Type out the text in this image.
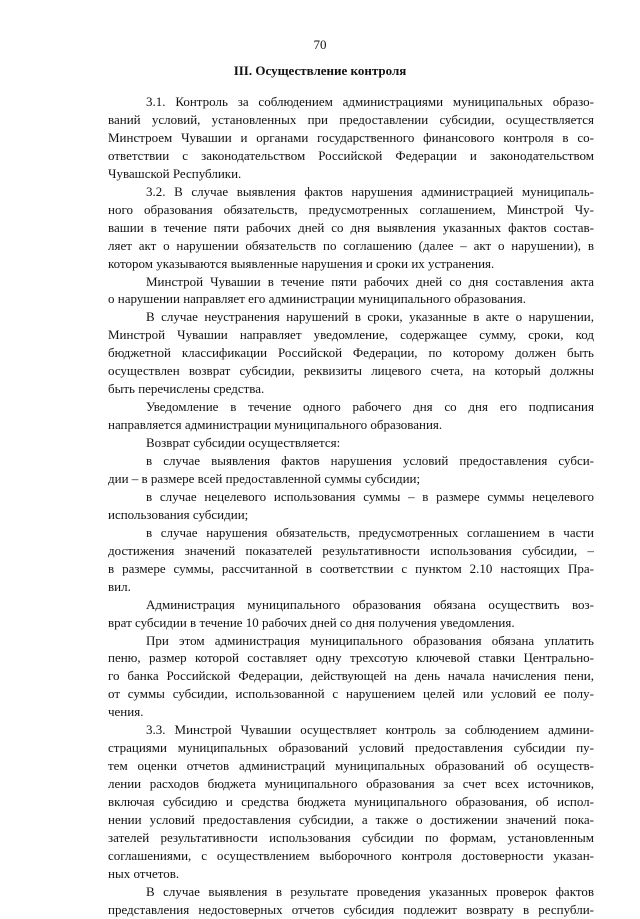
70
III. Осуществление контроля
3.1. Контроль за соблюдением администрациями муниципальных образо-
ваний условий, установленных при предоставлении субсидии, осуществляется
Минстроем Чувашии и органами государственного финансового контроля в со-
ответствии с законодательством Российской Федерации и законодательством
Чувашской Республики.
3.2. В случае выявления фактов нарушения администрацией муниципаль-
ного образования обязательств, предусмотренных соглашением, Минстрой Чу-
вашии в течение пяти рабочих дней со дня выявления указанных фактов состав-
ляет акт о нарушении обязательств по соглашению (далее – акт о нарушении), в
котором указываются выявленные нарушения и сроки их устранения.
Минстрой Чувашии в течение пяти рабочих дней со дня составления акта
о нарушении направляет его администрации муниципального образования.
В случае неустранения нарушений в сроки, указанные в акте о нарушении,
Минстрой Чувашии направляет уведомление, содержащее сумму, сроки, код
бюджетной классификации Российской Федерации, по которому должен быть
осуществлен возврат субсидии, реквизиты лицевого счета, на который должны
быть перечислены средства.
Уведомление в течение одного рабочего дня со дня его подписания
направляется администрации муниципального образования.
Возврат субсидии осуществляется:
в случае выявления фактов нарушения условий предоставления субси-
дии – в размере всей предоставленной суммы субсидии;
в случае нецелевого использования суммы – в размере суммы нецелевого
использования субсидии;
в случае нарушения обязательств, предусмотренных соглашением в части
достижения значений показателей результативности использования субсидии, –
в размере суммы, рассчитанной в соответствии с пунктом 2.10 настоящих Пра-
вил.
Администрация муниципального образования обязана осуществить воз-
врат субсидии в течение 10 рабочих дней со дня получения уведомления.
При этом администрация муниципального образования обязана уплатить
пеню, размер которой составляет одну трехсотую ключевой ставки Центрально-
го банка Российской Федерации, действующей на день начала начисления пени,
от суммы субсидии, использованной с нарушением целей или условий ее полу-
чения.
3.3. Минстрой Чувашии осуществляет контроль за соблюдением админи-
страциями муниципальных образований условий предоставления субсидии пу-
тем оценки отчетов администраций муниципальных образований об осуществ-
лении расходов бюджета муниципального образования за счет всех источников,
включая субсидию и средства бюджета муниципального образования, об испол-
нении условий предоставления субсидии, а также о достижении значений пока-
зателей результативности использования субсидии по формам, установленным
соглашениями, с осуществлением выборочного контроля достоверности указан-
ных отчетов.
В случае выявления в результате проведения указанных проверок фактов
представления недостоверных отчетов субсидия подлежит возврату в республи-
